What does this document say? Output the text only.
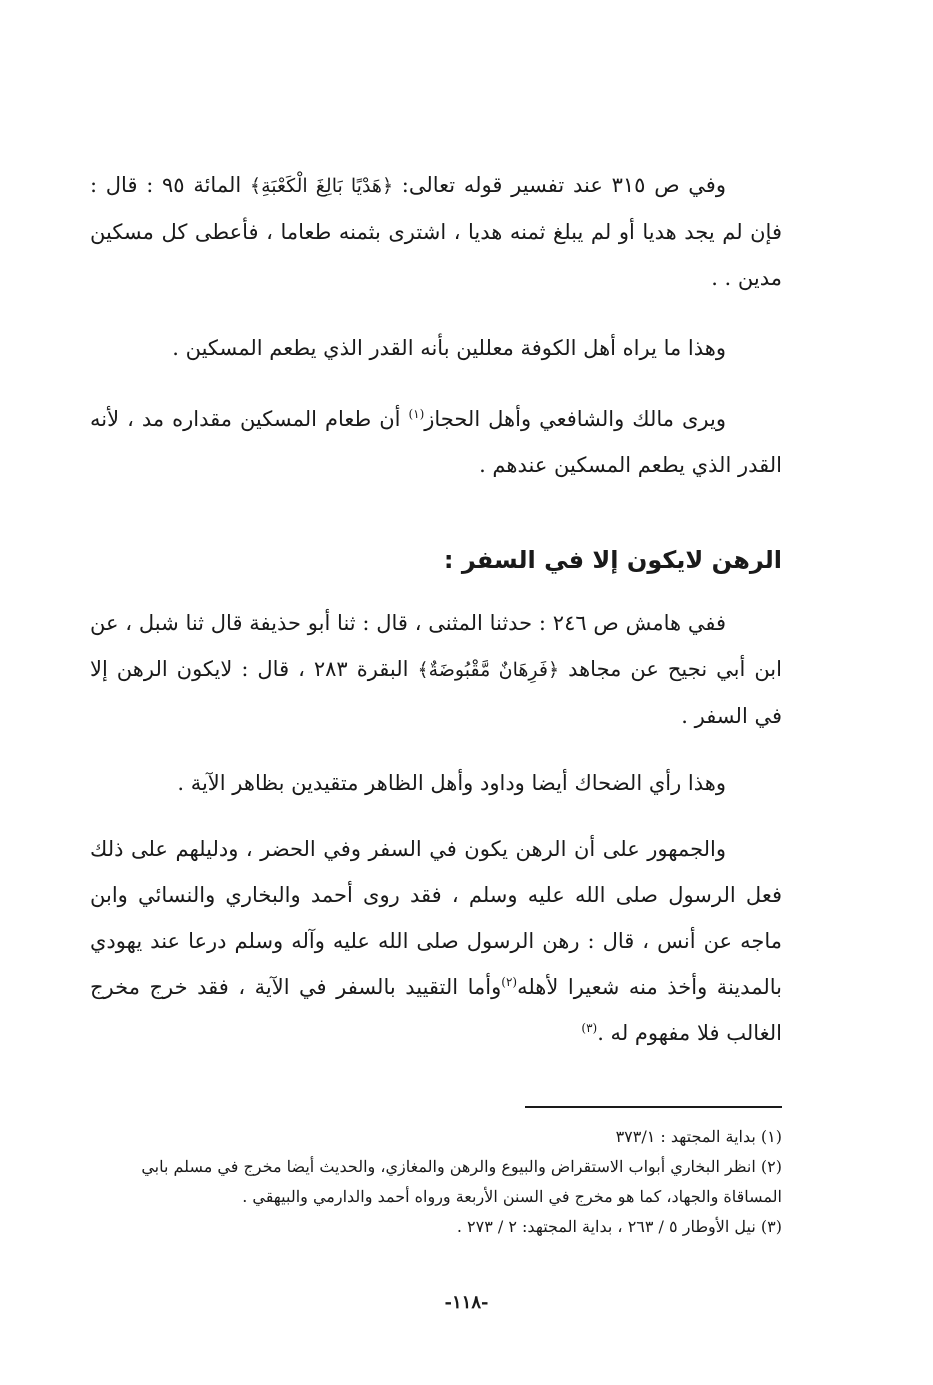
وفي ص ٣١٥ عند تفسير قوله تعالى: ﴿هَدْيًا بَالِغَ الْكَعْبَةِ﴾ المائة ٩٥ : قال : فإن لم يجد هديا أو لم يبلغ ثمنه هديا ، اشترى بثمنه طعاما ، فأعطى كل مسكين مدين . .

وهذا ما يراه أهل الكوفة معللين بأنه القدر الذي يطعم المسكين .

ويرى مالك والشافعي وأهل الحجاز$^{(١)}$ أن طعام المسكين مقداره مد ، لأنه القدر الذي يطعم المسكين عندهم .

الرهن لايكون إلا في السفر :

ففي هامش ص ٢٤٦ : حدثنا المثنى ، قال : ثنا أبو حذيفة قال ثنا شبل ، عن ابن أبي نجيح عن مجاهد ﴿فَرِهَانٌ مَّقْبُوضَةٌ﴾ البقرة ٢٨٣ ، قال : لايكون الرهن إلا في السفر .

وهذا رأي الضحاك أيضا وداود وأهل الظاهر متقيدين بظاهر الآية .

والجمهور على أن الرهن يكون في السفر وفي الحضر ، ودليلهم على ذلك فعل الرسول صلى الله عليه وسلم ، فقد روى أحمد والبخاري والنسائي وابن ماجه عن أنس ، قال : رهن الرسول صلى الله عليه وآله وسلم درعا عند يهودي بالمدينة وأخذ منه شعيرا لأهله$^{(٢)}$وأما التقييد بالسفر في الآية ، فقد خرج مخرج الغالب فلا مفهوم له .$^{(٣)}$

(١) بداية المجتهد : ٣٧٣/١

(٢) انظر البخاري أبواب الاستقراض والبيوع والرهن والمغازي، والحديث أيضا مخرج في مسلم بابي المساقاة والجهاد، كما هو مخرج في السنن الأربعة ورواه أحمد والدارمي والبيهقي .

(٣) نيل الأوطار ٥ / ٢٦٣ ، بداية المجتهد: ٢ / ٢٧٣ .

-١١٨-
